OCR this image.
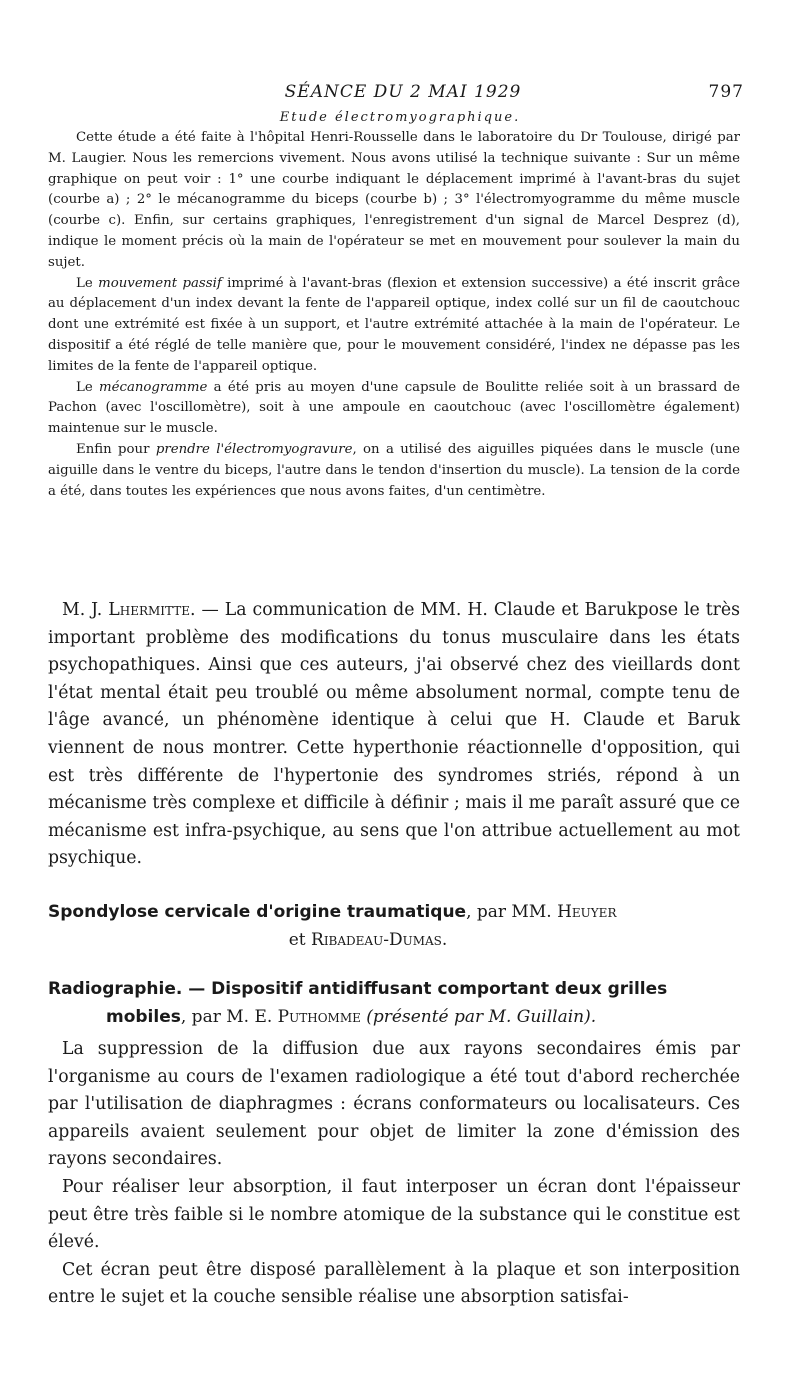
SÉANCE DU 2 MAI 1929	797
Etude électromyographique.

Cette étude a été faite à l'hôpital Henri-Rousselle dans le laboratoire du Dr Toulouse, dirigé par M. Laugier. Nous les remercions vivement. Nous avons utilisé la technique suivante : Sur un même graphique on peut voir : 1° une courbe indiquant le déplacement imprimé à l'avant-bras du sujet (courbe a) ; 2° le mécanogramme du biceps (courbe b) ; 3° l'électromyogramme du même muscle (courbe c). Enfin, sur certains graphiques, l'enregistrement d'un signal de Marcel Desprez (d), indique le moment précis où la main de l'opérateur se met en mouvement pour soulever la main du sujet.

Le mouvement passif imprimé à l'avant-bras (flexion et extension successive) a été inscrit grâce au déplacement d'un index devant la fente de l'appareil optique, index collé sur un fil de caoutchouc dont une extrémité est fixée à un support, et l'autre extrémité attachée à la main de l'opérateur. Le dispositif a été réglé de telle manière que, pour le mouvement considéré, l'index ne dépasse pas les limites de la fente de l'appareil optique.

Le mécanogramme a été pris au moyen d'une capsule de Boulitte reliée soit à un brassard de Pachon (avec l'oscillomètre), soit à une ampoule en caoutchouc (avec l'oscillomètre également) maintenue sur le muscle.

Enfin pour prendre l'électromyogravure, on a utilisé des aiguilles piquées dans le muscle (une aiguille dans le ventre du biceps, l'autre dans le tendon d'insertion du muscle). La tension de la corde a été, dans toutes les expériences que nous avons faites, d'un centimètre.

M. J. Lhermitte. — La communication de MM. H. Claude et Barukpose le très important problème des modifications du tonus musculaire dans les états psychopathiques. Ainsi que ces auteurs, j'ai observé chez des vieillards dont l'état mental était peu troublé ou même absolument normal, compte tenu de l'âge avancé, un phénomène identique à celui que H. Claude et Baruk viennent de nous montrer. Cette hyperthonie réactionnelle d'opposition, qui est très différente de l'hypertonie des syndromes striés, répond à un mécanisme très complexe et difficile à définir ; mais il me paraît assuré que ce mécanisme est infra-psychique, au sens que l'on attribue actuellement au mot psychique.

Spondylose cervicale d'origine traumatique, par MM. Heuyer
et Ribadeau-Dumas.
Radiographie. — Dispositif antidiffusant comportant deux grilles
mobiles, par M. E. Puthomme (présenté par M. Guillain).

La suppression de la diffusion due aux rayons secondaires émis par l'organisme au cours de l'examen radiologique a été tout d'abord recherchée par l'utilisation de diaphragmes : écrans conformateurs ou localisateurs. Ces appareils avaient seulement pour objet de limiter la zone d'émission des rayons secondaires.

Pour réaliser leur absorption, il faut interposer un écran dont l'épaisseur peut être très faible si le nombre atomique de la substance qui le constitue est élevé.

Cet écran peut être disposé parallèlement à la plaque et son interposition entre le sujet et la couche sensible réalise une absorption satisfai-
